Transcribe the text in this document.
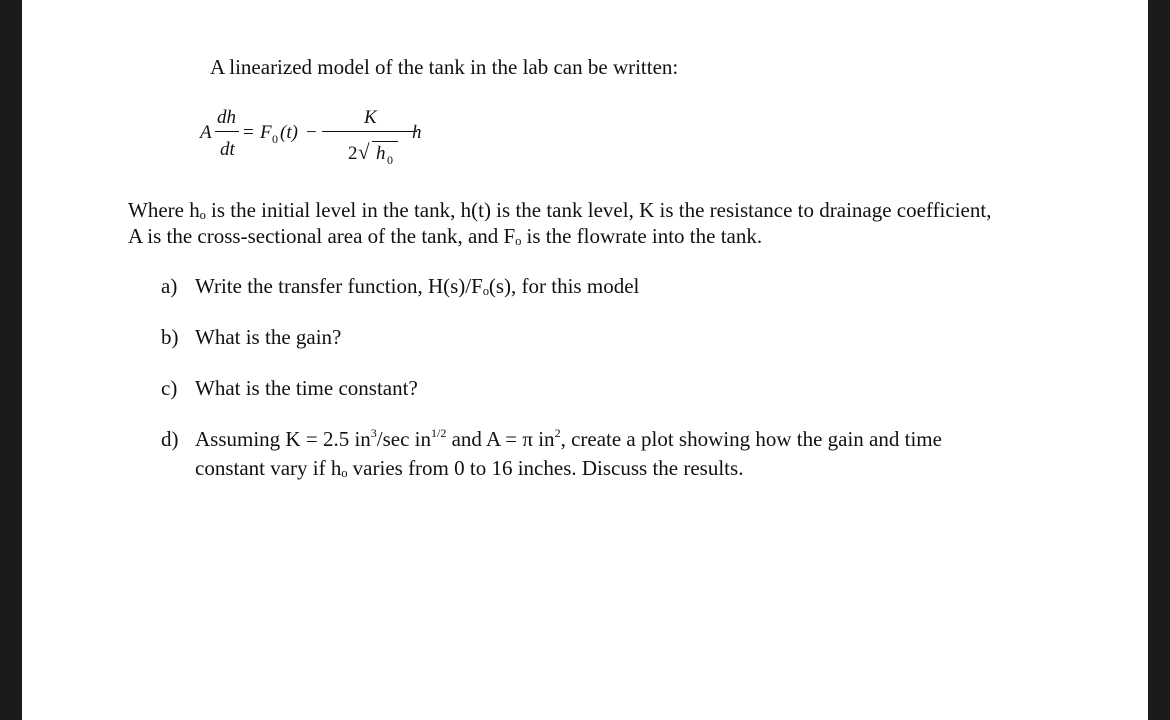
A linearized model of the tank in the lab can be written:
A
dh
dt
= F 0 (t) −
K
2 √ h 0
h
Where hₒ is the initial level in the tank, h(t) is the tank level, K is the resistance to drainage coefficient,
A is the cross-sectional area of the tank, and Fₒ is the flowrate into the tank.
a) Write the transfer function, H(s)/Fₒ(s), for this model
b) What is the gain?
c) What is the time constant?
d) Assuming K = 2.5 $in^3/\sec$ $in^{1/2}$ and A = π $in^2$, create a plot showing how the gain and time
constant vary if hₒ varies from 0 to 16 inches. Discuss the results.
